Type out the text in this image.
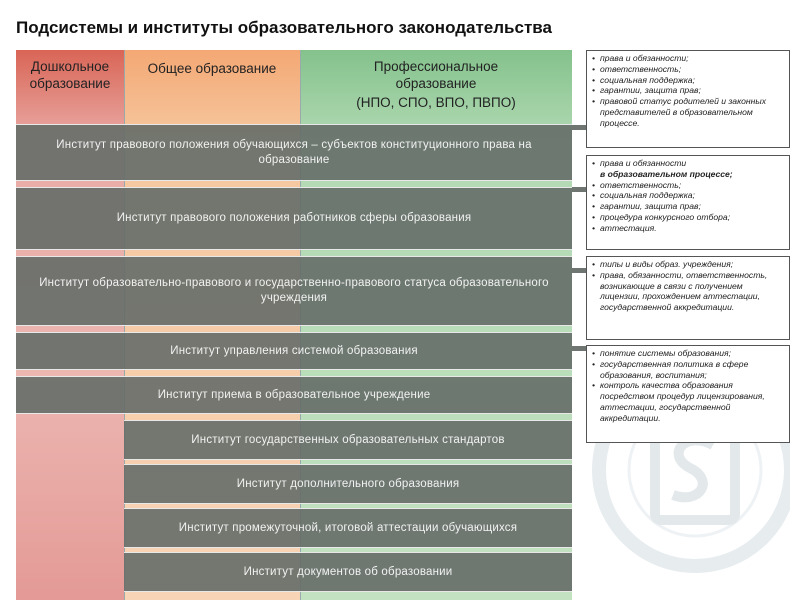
Подсистемы и институты образовательного законодательства
Дошкольное образование
Общее образование	Профессиональное образование
(НПО, СПО, ВПО, ПВПО)
Институт правового положения обучающихся – субъектов конституционного права на образование
Институт правового положения работников сферы образования
Институт образовательно-правового и государственно-правового статуса образовательного учреждения
Институт управления системой образования
Институт приема в образовательное учреждение
Институт государственных образовательных стандартов
Институт дополнительного образования
Институт промежуточной, итоговой аттестации обучающихся
Институт документов об образовании
• права и обязанности;
• ответственность;
• социальная поддержка;
• гарантии, защита прав;
• правовой статус родителей и законных представителей в образовательном процессе.
• права и обязанности
в образовательном процессе;
• ответственность;
• социальная поддержка;
• гарантии, защита прав;
• процедура конкурсного отбора;
• аттестация.
• типы и виды образ. учреждения;
• права, обязанности, ответственность, возникающие в связи с получением лицензии, прохождением аттестации, государственной аккредитации.
• понятие системы образования;
• государственная политика в сфере образования, воспитания;
• контроль качества образования посредством процедур лицензирования, аттестации, государственной аккредитации.
